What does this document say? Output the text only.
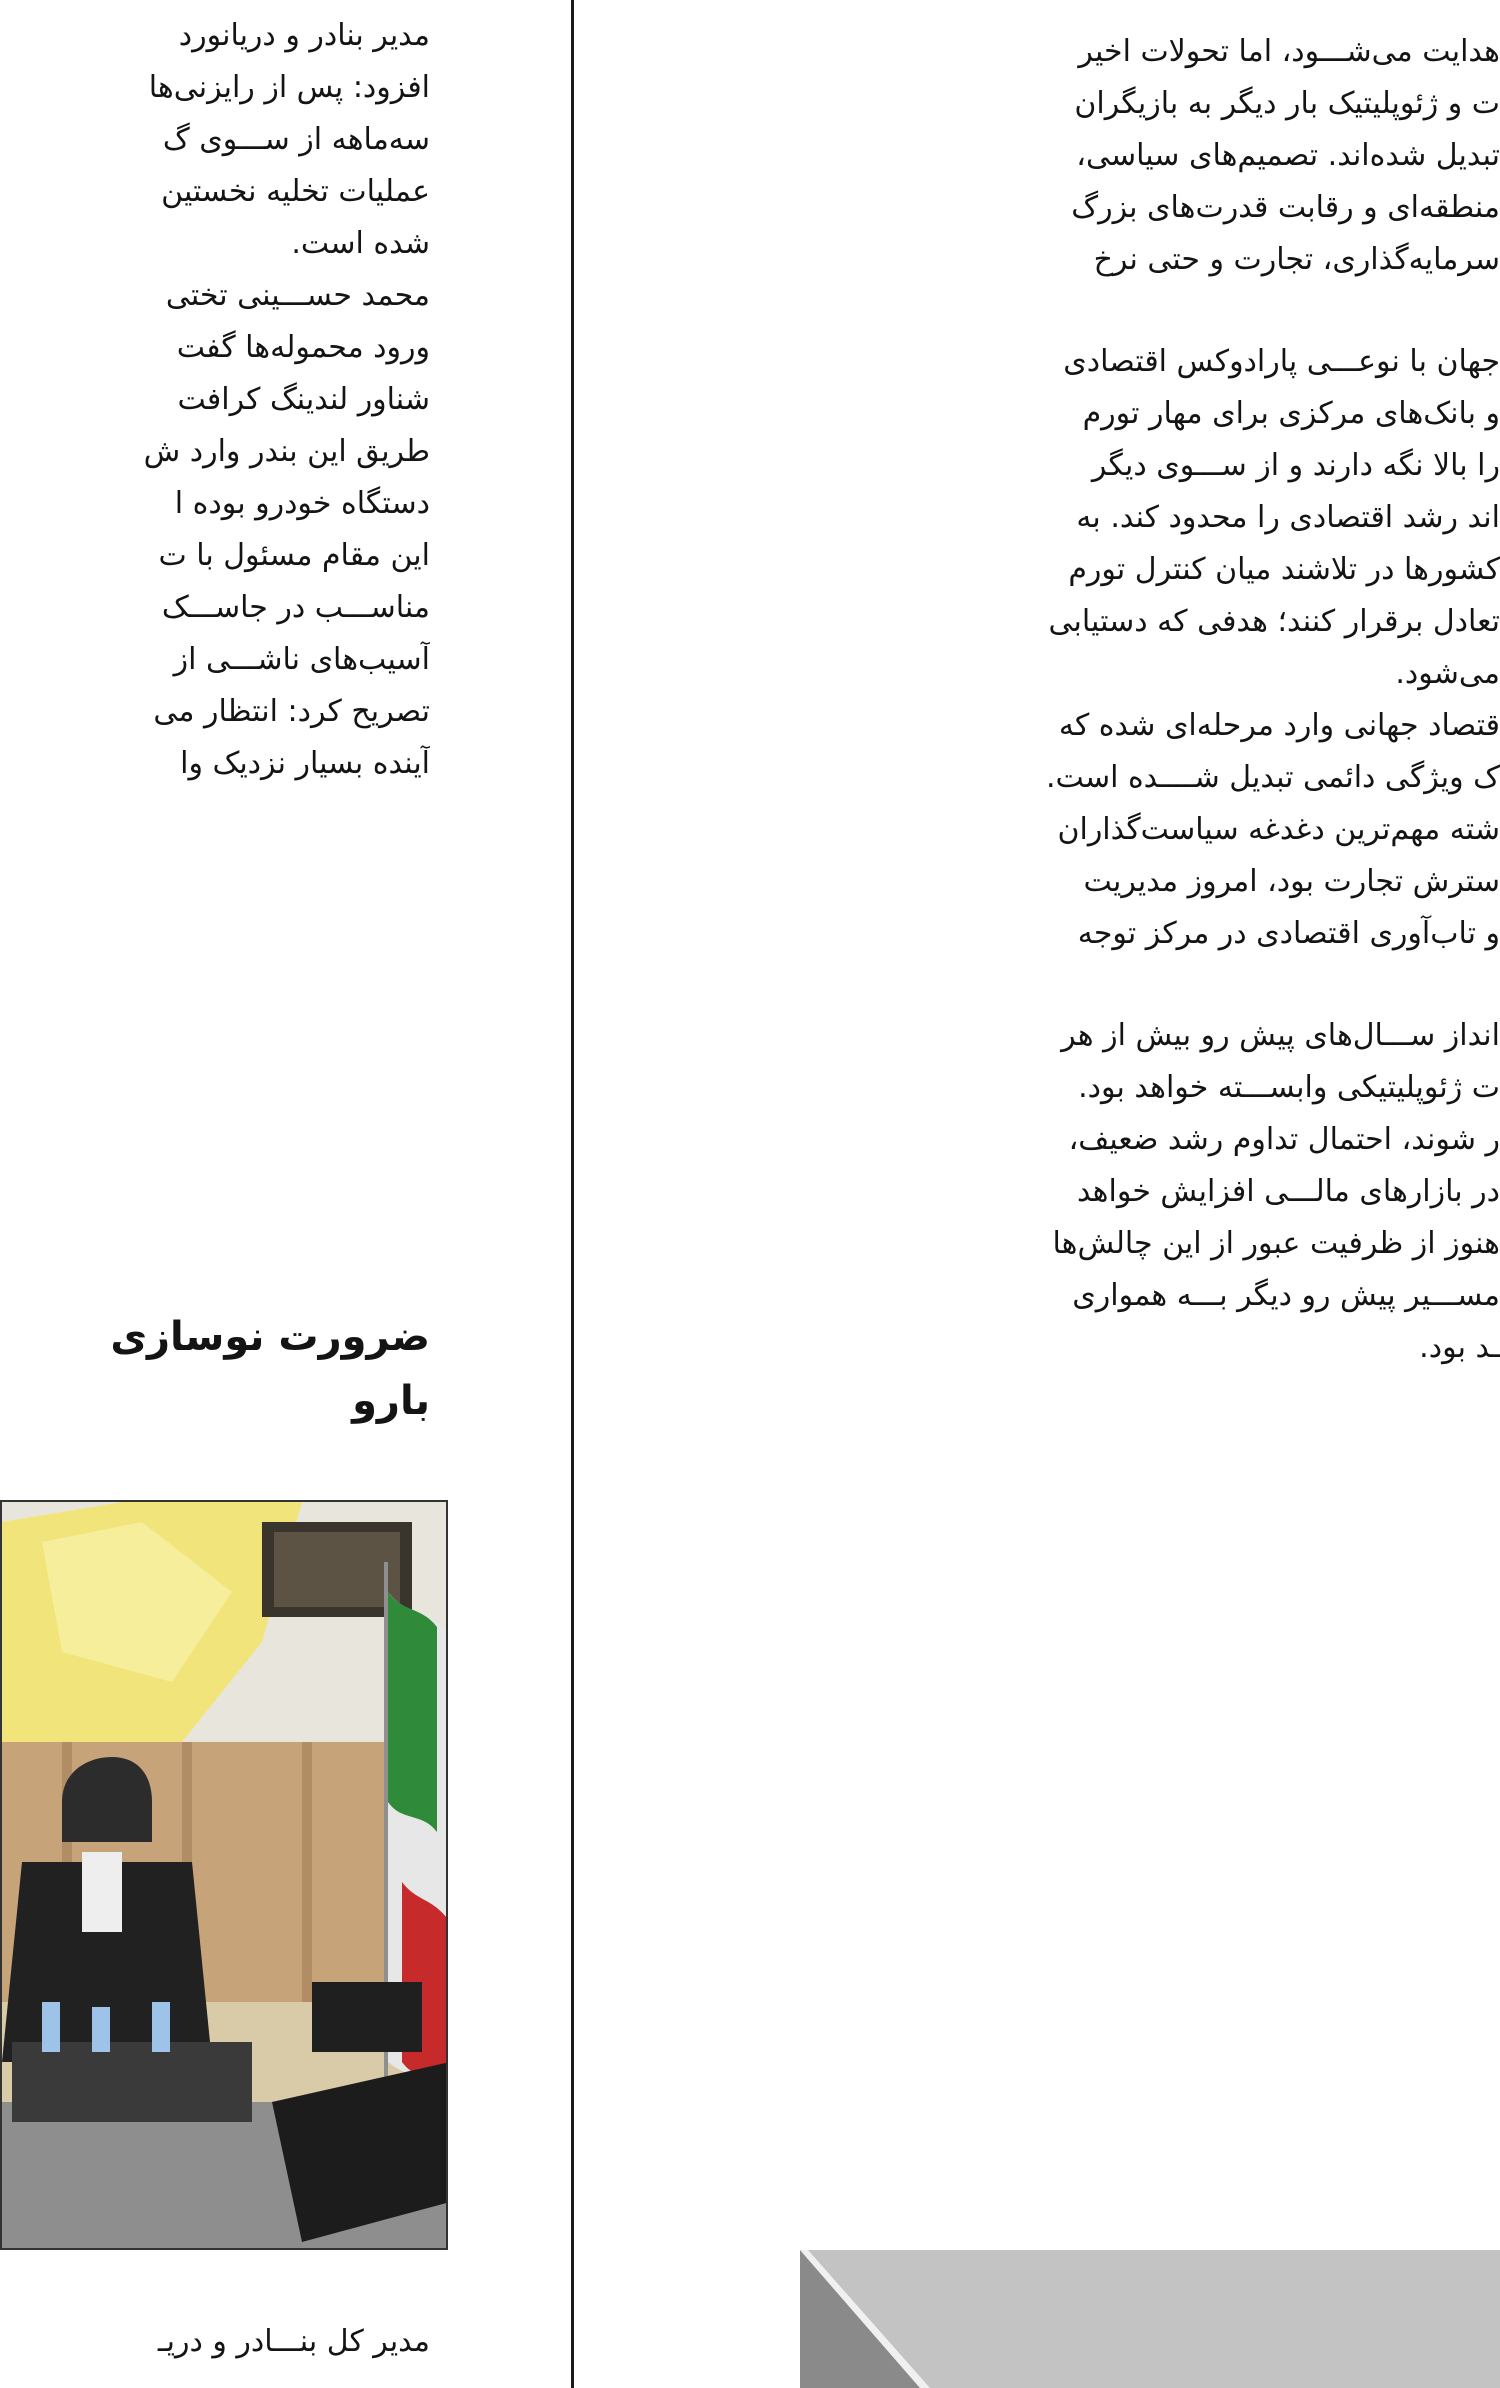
مدیر بنادر و دریانورد
افزود: پس از رایزنی‌ها
سه‌ماهه از ســـوی گ
عملیات تخلیه نخستین
شده است.
محمد حســـینی تختی
ورود محموله‌ها گفت
شناور لندینگ کرافت
طریق این بندر وارد ش
دستگاه خودرو بوده ا
این مقام مسئول با ت
مناســـب در جاســـک
آسیب‌های ناشـــی از
تصریح کرد: انتظار می
آینده بسیار نزدیک وا
ضرورت نوسازی
بارو
مدیر کل بنـــادر و دریـ
هدایت می‌شـــود، اما تحولات اخیر
ت و ژئوپلیتیک بار دیگر به بازیگران
تبدیل شده‌اند. تصمیم‌های سیاسی،
منطقه‌ای و رقابت قدرت‌های بزرگ
سرمایه‌گذاری، تجارت و حتی نرخ
جهان با نوعـــی پارادوکس اقتصادی
و بانک‌های مرکزی برای مهار تورم
را بالا نگه دارند و از ســـوی دیگر
اند رشد اقتصادی را محدود کند. به
کشورها در تلاشند میان کنترل تورم
تعادل برقرار کنند؛ هدفی که دستیابی
می‌شود.
قتصاد جهانی وارد مرحله‌ای شده که
ک ویژگی دائمی تبدیل شــــده است.
شته مهم‌ترین دغدغه سیاست‌گذاران
سترش تجارت بود، امروز مدیریت
و تاب‌آوری اقتصادی در مرکز توجه
انداز ســـال‌های پیش رو بیش از هر
ت ژئوپلیتیکی وابســـته خواهد بود.
ر شوند، احتمال تداوم رشد ضعیف،
در بازارهای مالـــی افزایش خواهد
هنوز از ظرفیت عبور از این چالش‌ها
مســـیر پیش رو دیگر بـــه همواری
ـد بود.
